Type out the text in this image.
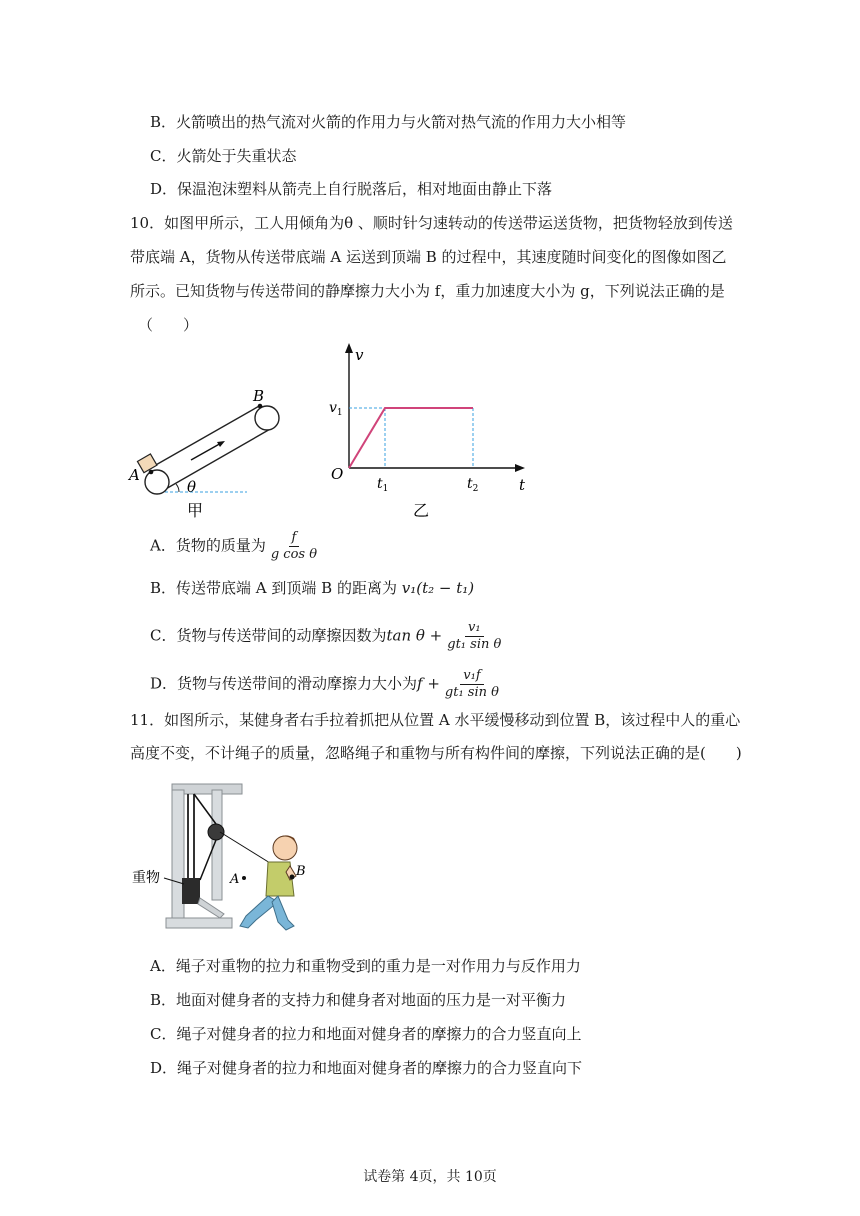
B．火箭喷出的热气流对火箭的作用力与火箭对热气流的作用力大小相等
C．火箭处于失重状态
D．保温泡沫塑料从箭壳上自行脱落后，相对地面由静止下落
10．如图甲所示，工人用倾角为θ 、顺时针匀速转动的传送带运送货物，把货物轻放到传送
带底端 A，货物从传送带底端 A 运送到顶端 B 的过程中，其速度随时间变化的图像如图乙
所示。已知货物与传送带间的静摩擦力大小为 f，重力加速度大小为 g，下列说法正确的是
（　　）
A
B
θ
甲
v
t
O
$v_1$
$t_1$	$t_2$
乙
A．货物的质量为 $\frac{f}{\text{g cos θ}}$
B．传送带底端 A 到顶端 B 的距离为 v₁(t₂ − t₁)
C．货物与传送带间的动摩擦因数为$\tan \theta + \frac{\text{v₁}}{\text{gt₁ sin θ}}$
D．货物与传送带间的滑动摩擦力大小为$f + \frac{\text{v₁f}}{\text{gt₁ sin θ}}$
11．如图所示，某健身者右手拉着抓把从位置 A 水平缓慢移动到位置 B，该过程中人的重心
高度不变，不计绳子的质量，忽略绳子和重物与所有构件间的摩擦，下列说法正确的是(　　)
重物	A
B
A．绳子对重物的拉力和重物受到的重力是一对作用力与反作用力
B．地面对健身者的支持力和健身者对地面的压力是一对平衡力
C．绳子对健身者的拉力和地面对健身者的摩擦力的合力竖直向上
D．绳子对健身者的拉力和地面对健身者的摩擦力的合力竖直向下
试卷第 4页，共 10页
